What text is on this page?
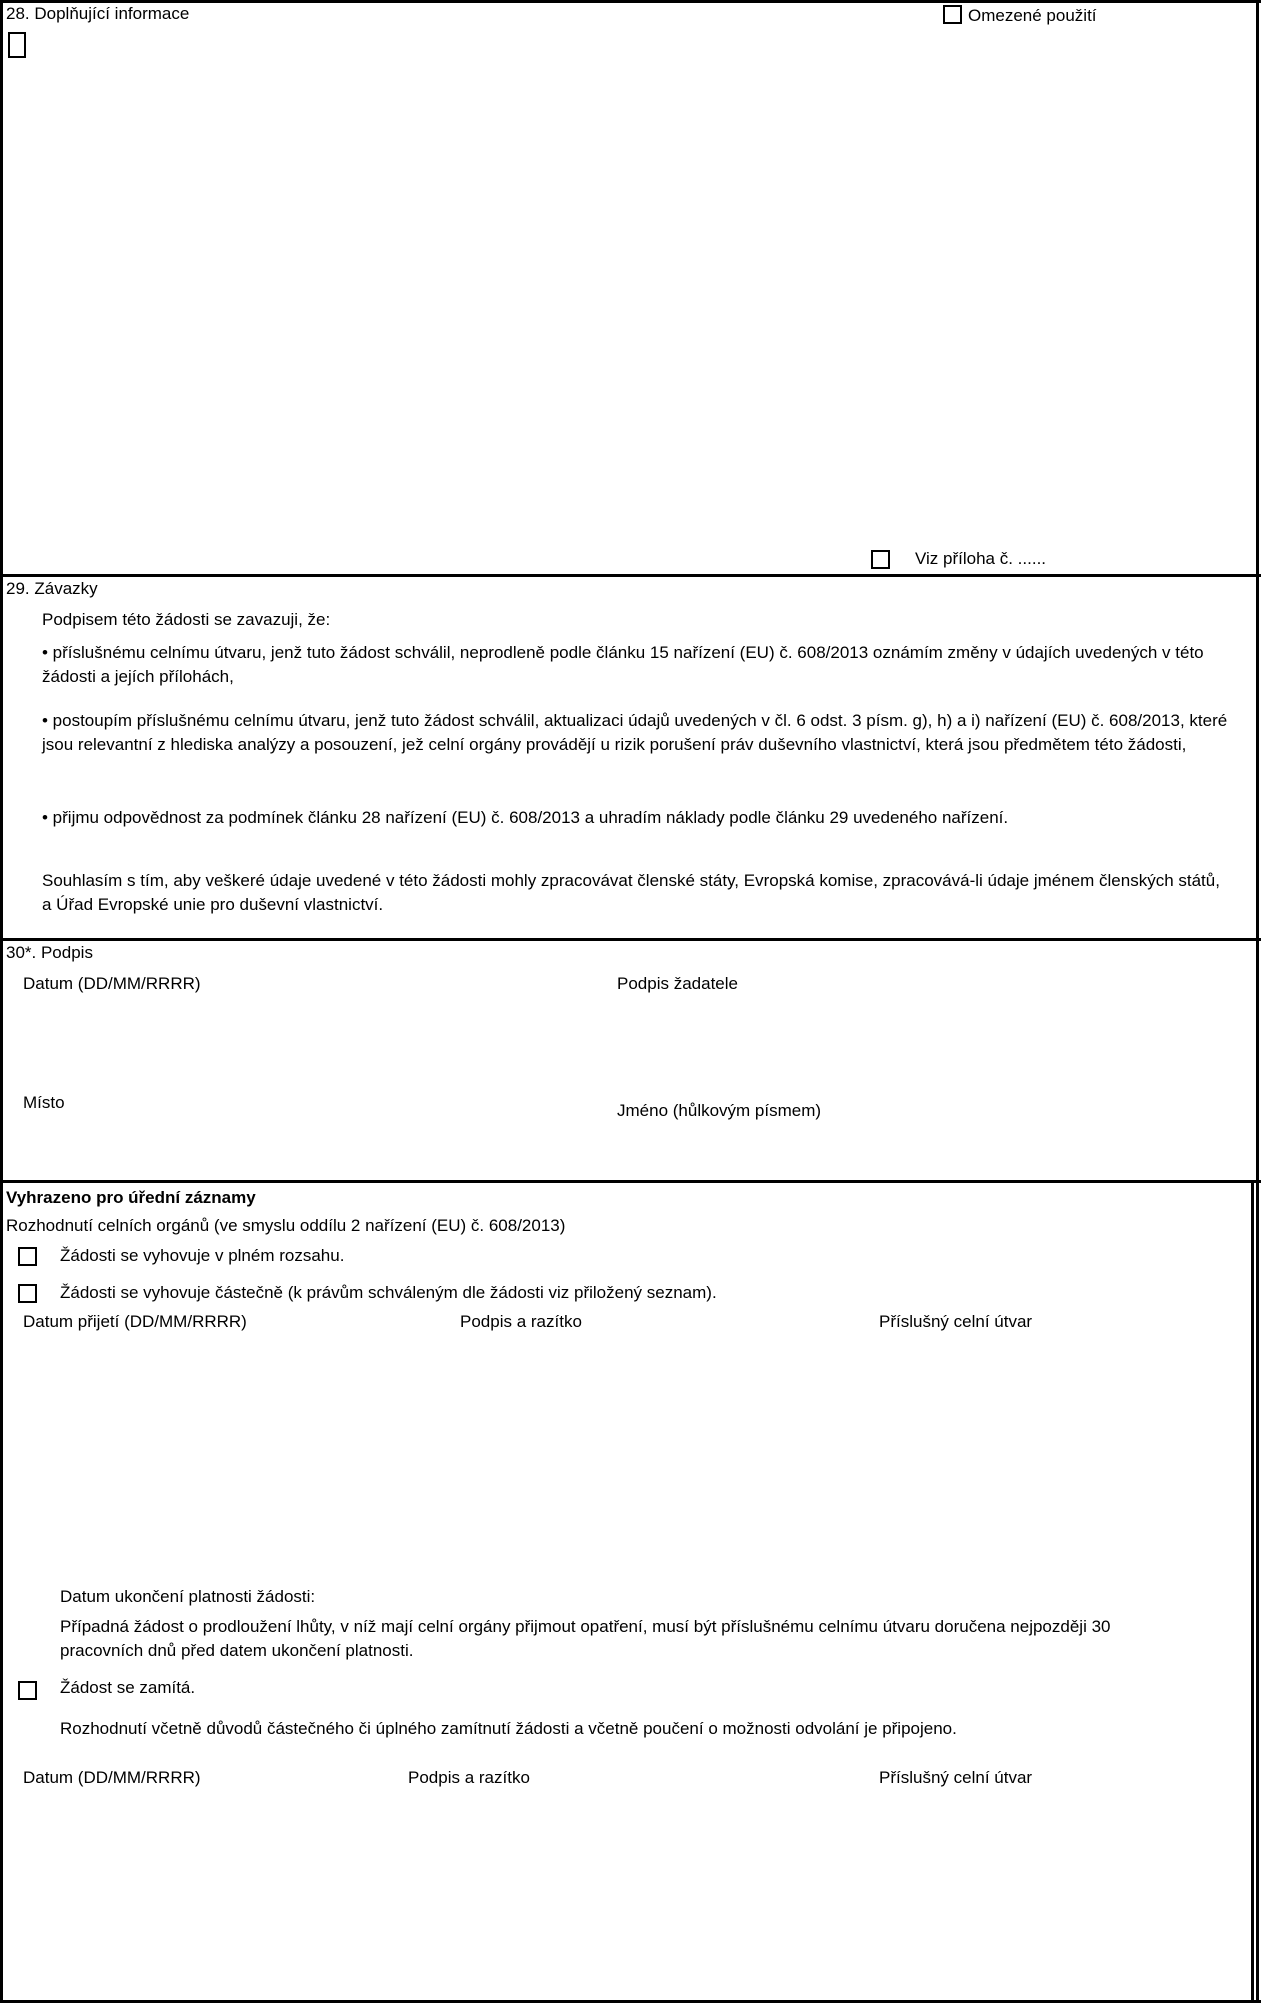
28. Doplňující informace	Omezené použití
Viz příloha č. ......
29. Závazky
Podpisem této žádosti se zavazuji, že:
• příslušnému celnímu útvaru, jenž tuto žádost schválil, neprodleně podle článku 15 nařízení (EU) č. 608/2013 oznámím změny v údajích uvedených v této žádosti a jejích přílohách,
• postoupím příslušnému celnímu útvaru, jenž tuto žádost schválil, aktualizaci údajů uvedených v čl. 6 odst. 3 písm. g), h) a i) nařízení (EU) č. 608/2013, které jsou relevantní z hlediska analýzy a posouzení, jež celní orgány provádějí u rizik porušení práv duševního vlastnictví, která jsou předmětem této žádosti,
• přijmu odpovědnost za podmínek článku 28 nařízení (EU) č. 608/2013 a uhradím náklady podle článku 29 uvedeného nařízení.
Souhlasím s tím, aby veškeré údaje uvedené v této žádosti mohly zpracovávat členské státy, Evropská komise, zpracovává-li údaje jménem členských států, a Úřad Evropské unie pro duševní vlastnictví.
30*. Podpis
Datum (DD/MM/RRRR)	Podpis žadatele
Místo	Jméno (hůlkovým písmem)
Vyhrazeno pro úřední záznamy
Rozhodnutí celních orgánů (ve smyslu oddílu 2 nařízení (EU) č. 608/2013)
Žádosti se vyhovuje v plném rozsahu.
Žádosti se vyhovuje částečně (k právům schváleným dle žádosti viz přiložený seznam).
Datum přijetí (DD/MM/RRRR)	Podpis a razítko	Příslušný celní útvar
Datum ukončení platnosti žádosti:
Případná žádost o prodloužení lhůty, v níž mají celní orgány přijmout opatření, musí být příslušnému celnímu útvaru doručena nejpozději 30 pracovních dnů před datem ukončení platnosti.
Žádost se zamítá.
Rozhodnutí včetně důvodů částečného či úplného zamítnutí žádosti a včetně poučení o možnosti odvolání je připojeno.
Datum (DD/MM/RRRR)	Podpis a razítko	Příslušný celní útvar
